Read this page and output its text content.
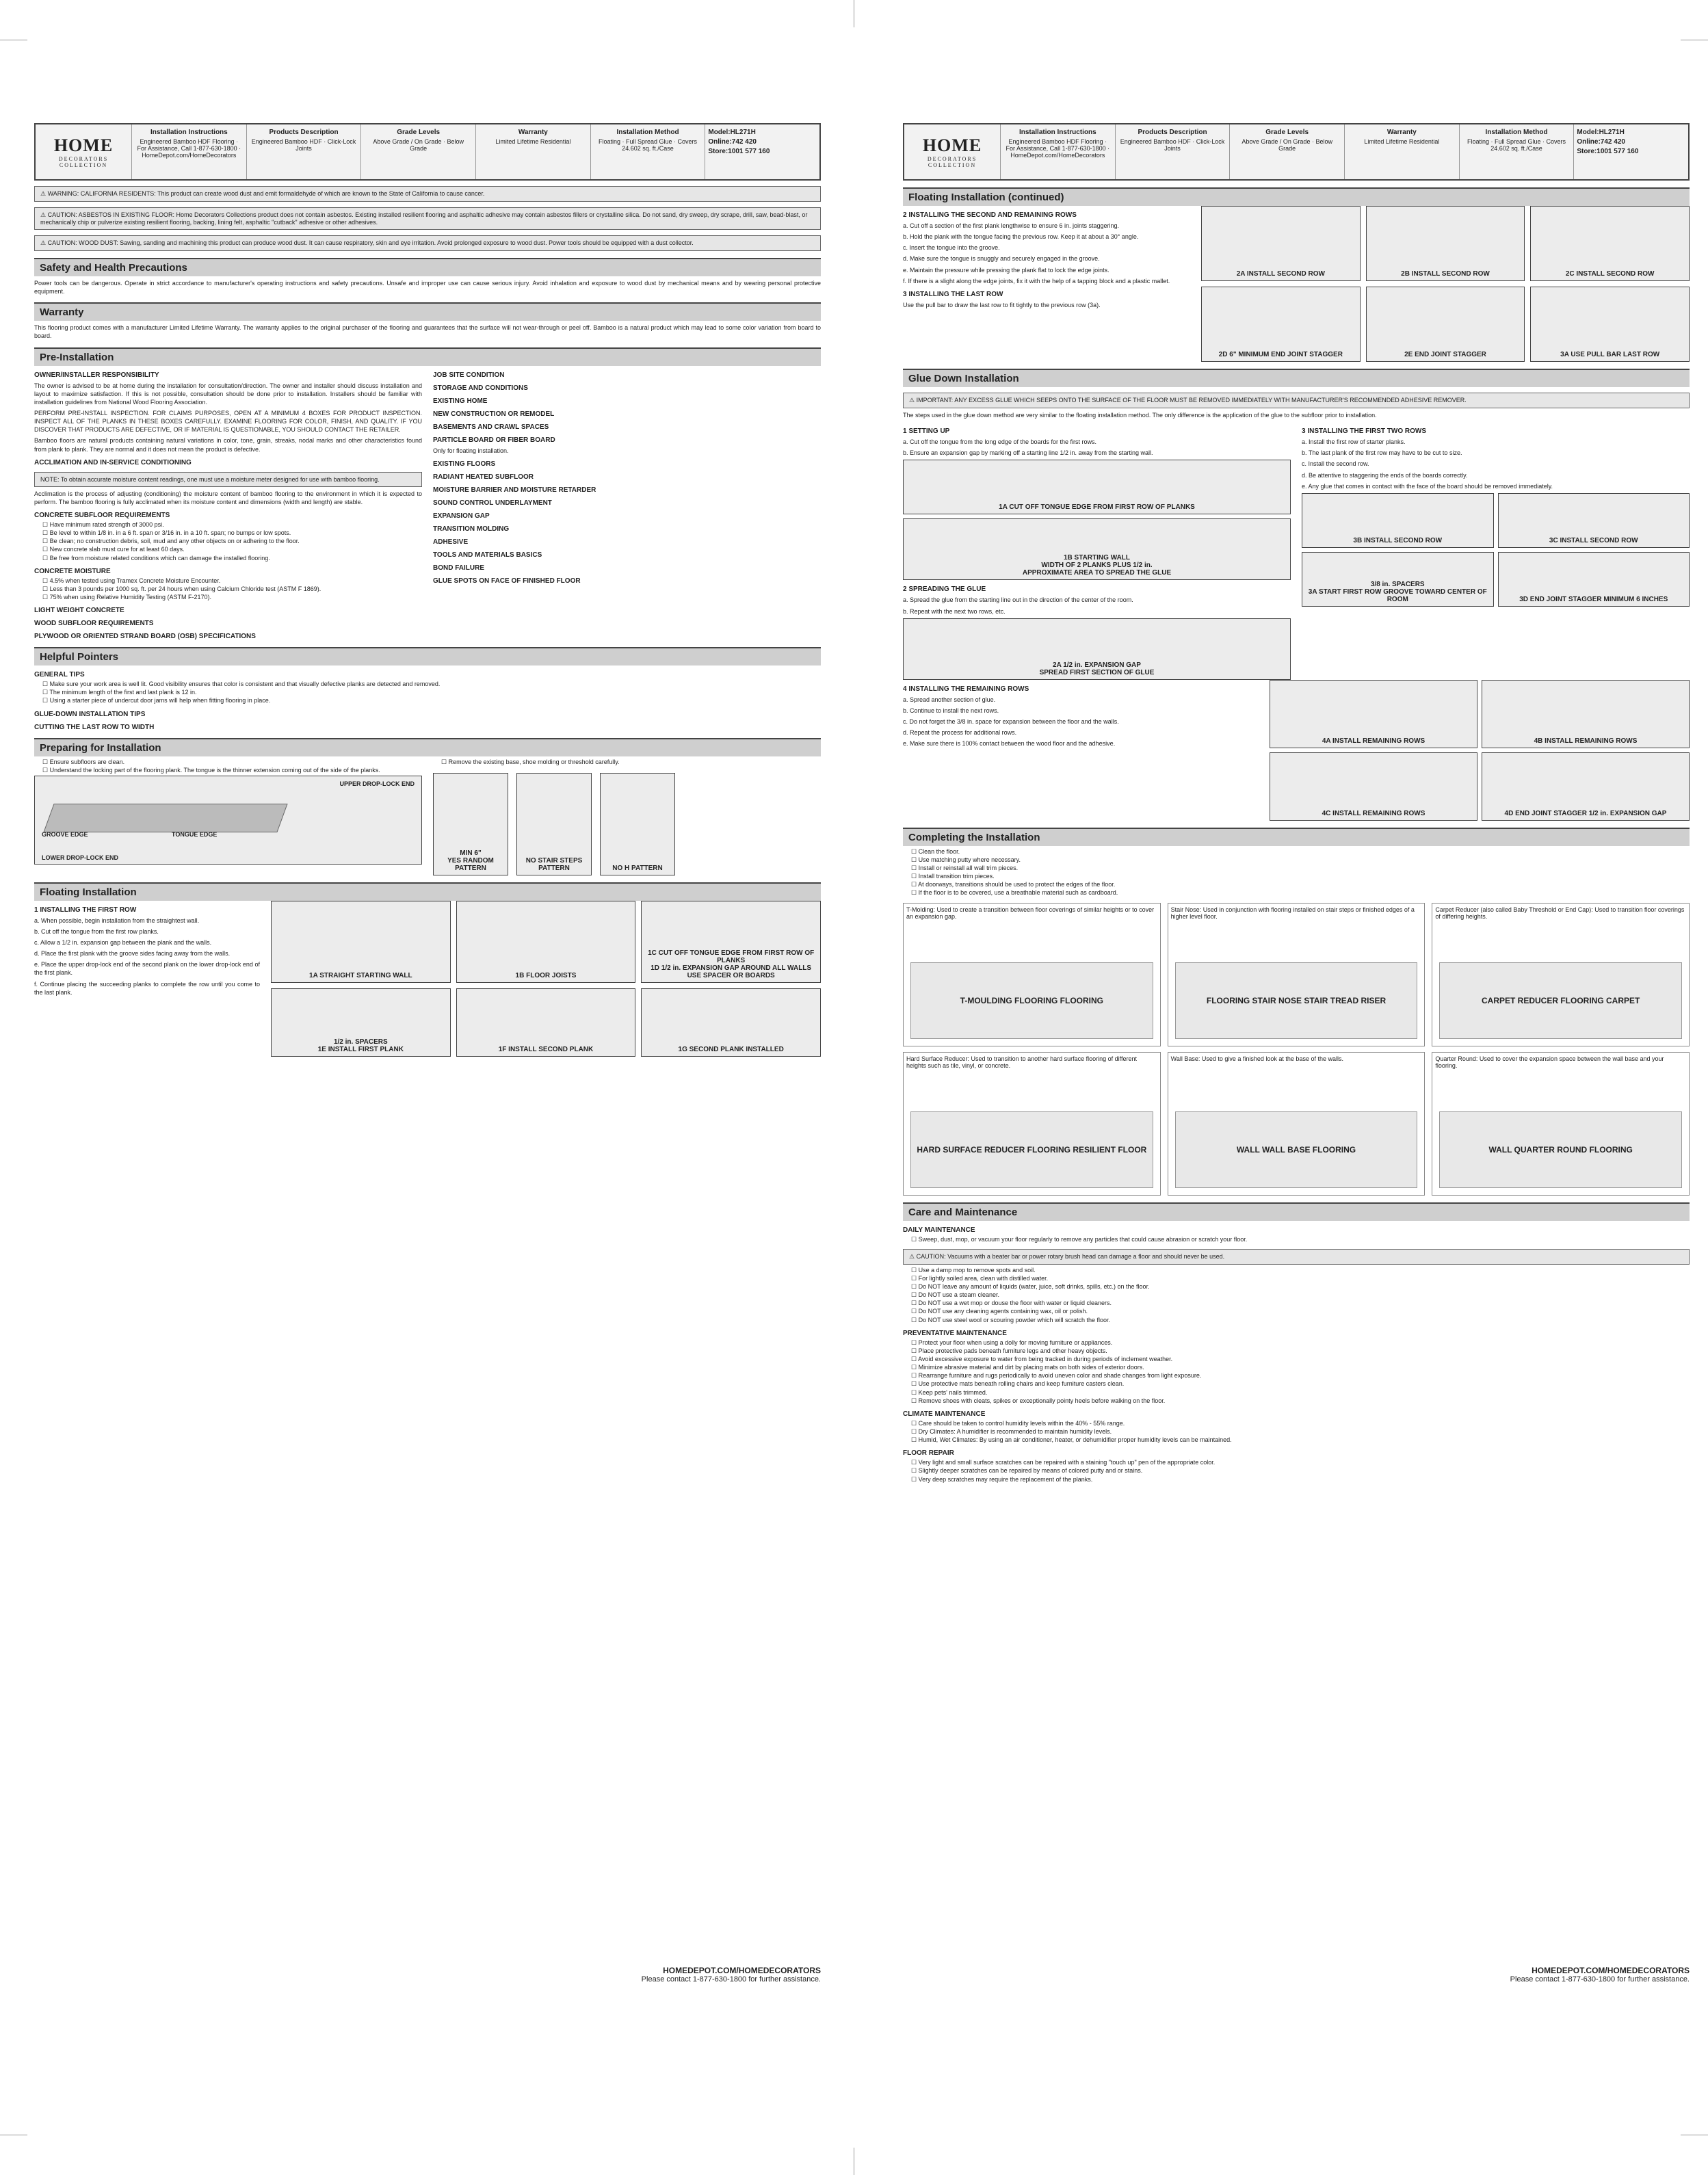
HOME
DECORATORS
COLLECTION
Installation Instructions
Engineered Bamboo HDF Flooring · For Assistance, Call 1-877-630-1800 · HomeDepot.com/HomeDecorators
Products Description
Engineered Bamboo HDF · Click-Lock Joints
Grade Levels
Above Grade / On Grade · Below Grade
Warranty
Limited Lifetime Residential
Installation Method
Floating · Full Spread Glue · Covers 24.602 sq. ft./Case
Model:HL271H
Online:742 420
Store:1001 577 160
⚠ WARNING: CALIFORNIA RESIDENTS: This product can create wood dust and emit formaldehyde of which are known to the State of California to cause cancer.
⚠ CAUTION: ASBESTOS IN EXISTING FLOOR: Home Decorators Collections product does not contain asbestos. Existing installed resilient flooring and asphaltic adhesive may contain asbestos fillers or crystalline silica. Do not sand, dry sweep, dry scrape, drill, saw, bead-blast, or mechanically chip or pulverize existing resilient flooring, backing, lining felt, asphaltic "cutback" adhesive or other adhesives.
⚠ CAUTION: WOOD DUST: Sawing, sanding and machining this product can produce wood dust. It can cause respiratory, skin and eye irritation. Avoid prolonged exposure to wood dust. Power tools should be equipped with a dust collector.
Safety and Health Precautions
Power tools can be dangerous. Operate in strict accordance to manufacturer's operating instructions and safety precautions. Unsafe and improper use can cause serious injury. Avoid inhalation and exposure to wood dust by mechanical means and by wearing personal protective equipment.
Warranty
This flooring product comes with a manufacturer Limited Lifetime Warranty. The warranty applies to the original purchaser of the flooring and guarantees that the surface will not wear-through or peel off. Bamboo is a natural product which may lead to some color variation from board to board.
Pre-Installation
OWNER/INSTALLER RESPONSIBILITY
The owner is advised to be at home during the installation for consultation/direction. The owner and installer should discuss installation and layout to maximize satisfaction. If this is not possible, consultation should be done prior to installation. Installers should be familiar with installation guidelines from National Wood Flooring Association.
PERFORM PRE-INSTALL INSPECTION. FOR CLAIMS PURPOSES, OPEN AT A MINIMUM 4 BOXES FOR PRODUCT INSPECTION. INSPECT ALL OF THE PLANKS IN THESE BOXES CAREFULLY. EXAMINE FLOORING FOR COLOR, FINISH, AND QUALITY. IF YOU DISCOVER THAT PRODUCTS ARE DEFECTIVE, OR IF MATERIAL IS QUESTIONABLE, YOU SHOULD CONTACT THE RETAILER.
Bamboo floors are natural products containing natural variations in color, tone, grain, streaks, nodal marks and other characteristics found from plank to plank. They are normal and it does not mean the product is defective.
ACCLIMATION AND IN-SERVICE CONDITIONING
NOTE: To obtain accurate moisture content readings, one must use a moisture meter designed for use with bamboo flooring.
Acclimation is the process of adjusting (conditioning) the moisture content of bamboo flooring to the environment in which it is expected to perform. The bamboo flooring is fully acclimated when its moisture content and dimensions (width and length) are stable.
CONCRETE SUBFLOOR REQUIREMENTS
☐ Have minimum rated strength of 3000 psi.
☐ Be level to within 1/8 in. in a 6 ft. span or 3/16 in. in a 10 ft. span; no bumps or low spots.
☐ Be clean; no construction debris, soil, mud and any other objects on or adhering to the floor.
☐ New concrete slab must cure for at least 60 days.
☐ Be free from moisture related conditions which can damage the installed flooring.
CONCRETE MOISTURE
☐ 4.5% when tested using Tramex Concrete Moisture Encounter.
☐ Less than 3 pounds per 1000 sq. ft. per 24 hours when using Calcium Chloride test (ASTM F 1869).
☐ 75% when using Relative Humidity Testing (ASTM F-2170).
LIGHT WEIGHT CONCRETE
WOOD SUBFLOOR REQUIREMENTS
PLYWOOD OR ORIENTED STRAND BOARD (OSB) SPECIFICATIONS
JOB SITE CONDITION
STORAGE AND CONDITIONS
EXISTING HOME
NEW CONSTRUCTION OR REMODEL
BASEMENTS AND CRAWL SPACES
PARTICLE BOARD OR FIBER BOARD
Only for floating installation.
EXISTING FLOORS
RADIANT HEATED SUBFLOOR
MOISTURE BARRIER AND MOISTURE RETARDER
SOUND CONTROL UNDERLAYMENT
EXPANSION GAP
TRANSITION MOLDING
ADHESIVE
TOOLS AND MATERIALS BASICS
BOND FAILURE
GLUE SPOTS ON FACE OF FINISHED FLOOR
Helpful Pointers
GENERAL TIPS
☐ Make sure your work area is well lit. Good visibility ensures that color is consistent and that visually defective planks are detected and removed.
☐ The minimum length of the first and last plank is 12 in.
☐ Using a starter piece of undercut door jams will help when fitting flooring in place.
GLUE-DOWN INSTALLATION TIPS
CUTTING THE LAST ROW TO WIDTH
Preparing for Installation
☐ Ensure subfloors are clean.
☐ Understand the locking part of the flooring plank. The tongue is the thinner extension coming out of the side of the planks.
UPPER DROP-LOCK END
GROOVE EDGE	TONGUE EDGE
LOWER DROP-LOCK END
☐ Remove the existing base, shoe molding or threshold carefully.
MIN 6"
YES RANDOM PATTERN
NO STAIR STEPS PATTERN	NO H PATTERN
Floating Installation
1 INSTALLING THE FIRST ROW
a. When possible, begin installation from the straightest wall.
b. Cut off the tongue from the first row planks.
c. Allow a 1/2 in. expansion gap between the plank and the walls.
d. Place the first plank with the groove sides facing away from the walls.
e. Place the upper drop-lock end of the second plank on the lower drop-lock end of the first plank.
f. Continue placing the succeeding planks to complete the row until you come to the last plank.
1A STRAIGHT STARTING WALL	1B FLOOR JOISTS
1C CUT OFF TONGUE EDGE FROM FIRST ROW OF PLANKS
1D 1/2 in. EXPANSION GAP AROUND ALL WALLS USE SPACER OR BOARDS
1/2 in. SPACERS
1E INSTALL FIRST PLANK	1F INSTALL SECOND PLANK	1G SECOND PLANK INSTALLED
HOMEDEPOT.COM/HOMEDECORATORS
Please contact 1-877-630-1800 for further assistance.
HOME
DECORATORS
COLLECTION
Installation Instructions
Engineered Bamboo HDF Flooring · For Assistance, Call 1-877-630-1800 · HomeDepot.com/HomeDecorators
Products Description
Engineered Bamboo HDF · Click-Lock Joints
Grade Levels
Above Grade / On Grade · Below Grade
Warranty
Limited Lifetime Residential
Installation Method
Floating · Full Spread Glue · Covers 24.602 sq. ft./Case
Model:HL271H
Online:742 420
Store:1001 577 160
Floating Installation (continued)
2 INSTALLING THE SECOND AND REMAINING ROWS
a. Cut off a section of the first plank lengthwise to ensure 6 in. joints staggering.
b. Hold the plank with the tongue facing the previous row. Keep it at about a 30° angle.
c. Insert the tongue into the groove.
d. Make sure the tongue is snuggly and securely engaged in the groove.
e. Maintain the pressure while pressing the plank flat to lock the edge joints.
f. If there is a slight along the edge joints, fix it with the help of a tapping block and a plastic mallet.
3 INSTALLING THE LAST ROW
Use the pull bar to draw the last row to fit tightly to the previous row (3a).
2A INSTALL SECOND ROW	2B INSTALL SECOND ROW	2C INSTALL SECOND ROW
2D 6" MINIMUM END JOINT STAGGER	2E END JOINT STAGGER	3A USE PULL BAR LAST ROW
Glue Down Installation
⚠ IMPORTANT: ANY EXCESS GLUE WHICH SEEPS ONTO THE SURFACE OF THE FLOOR MUST BE REMOVED IMMEDIATELY WITH MANUFACTURER'S RECOMMENDED ADHESIVE REMOVER.
The steps used in the glue down method are very similar to the floating installation method. The only difference is the application of the glue to the subfloor prior to installation.
1 SETTING UP
a. Cut off the tongue from the long edge of the boards for the first rows.
b. Ensure an expansion gap by marking off a starting line 1/2 in. away from the starting wall.
1A CUT OFF TONGUE EDGE FROM FIRST ROW OF PLANKS
1B STARTING WALL
WIDTH OF 2 PLANKS PLUS 1/2 in.
APPROXIMATE AREA TO SPREAD THE GLUE
2 SPREADING THE GLUE
a. Spread the glue from the starting line out in the direction of the center of the room.
b. Repeat with the next two rows, etc.
2A 1/2 in. EXPANSION GAP
SPREAD FIRST SECTION OF GLUE
3 INSTALLING THE FIRST TWO ROWS
a. Install the first row of starter planks.
b. The last plank of the first row may have to be cut to size.
c. Install the second row.
d. Be attentive to staggering the ends of the boards correctly.
e. Any glue that comes in contact with the face of the board should be removed immediately.
3B INSTALL SECOND ROW	3C INSTALL SECOND ROW
3/8 in. SPACERS
3A START FIRST ROW GROOVE TOWARD CENTER OF ROOM	3D END JOINT STAGGER MINIMUM 6 INCHES
4 INSTALLING THE REMAINING ROWS
a. Spread another section of glue.
b. Continue to install the next rows.
c. Do not forget the 3/8 in. space for expansion between the floor and the walls.
d. Repeat the process for additional rows.
e. Make sure there is 100% contact between the wood floor and the adhesive.	4A INSTALL REMAINING ROWS	4B INSTALL REMAINING ROWS
4C INSTALL REMAINING ROWS	4D END JOINT STAGGER 1/2 in. EXPANSION GAP
Completing the Installation
☐ Clean the floor.
☐ Use matching putty where necessary.
☐ Install or reinstall all wall trim pieces.
☐ Install transition trim pieces.
☐ At doorways, transitions should be used to protect the edges of the floor.
☐ If the floor is to be covered, use a breathable material such as cardboard.
T-Molding: Used to create a transition between floor coverings of similar heights or to cover an expansion gap.
T-MOULDING FLOORING FLOORING
Stair Nose: Used in conjunction with flooring installed on stair steps or finished edges of a higher level floor.
FLOORING STAIR NOSE STAIR TREAD RISER
Carpet Reducer (also called Baby Threshold or End Cap): Used to transition floor coverings of differing heights.
CARPET REDUCER FLOORING CARPET
Hard Surface Reducer: Used to transition to another hard surface flooring of different heights such as tile, vinyl, or concrete.
HARD SURFACE REDUCER FLOORING RESILIENT FLOOR
Wall Base: Used to give a finished look at the base of the walls.
WALL WALL BASE FLOORING
Quarter Round: Used to cover the expansion space between the wall base and your flooring.
WALL QUARTER ROUND FLOORING
Care and Maintenance
DAILY MAINTENANCE
☐ Sweep, dust, mop, or vacuum your floor regularly to remove any particles that could cause abrasion or scratch your floor.
⚠ CAUTION: Vacuums with a beater bar or power rotary brush head can damage a floor and should never be used.
☐ Use a damp mop to remove spots and soil.
☐ For lightly soiled area, clean with distilled water.
☐ Do NOT leave any amount of liquids (water, juice, soft drinks, spills, etc.) on the floor.
☐ Do NOT use a steam cleaner.
☐ Do NOT use a wet mop or douse the floor with water or liquid cleaners.
☐ Do NOT use any cleaning agents containing wax, oil or polish.
☐ Do NOT use steel wool or scouring powder which will scratch the floor.
PREVENTATIVE MAINTENANCE
☐ Protect your floor when using a dolly for moving furniture or appliances.
☐ Place protective pads beneath furniture legs and other heavy objects.
☐ Avoid excessive exposure to water from being tracked in during periods of inclement weather.
☐ Minimize abrasive material and dirt by placing mats on both sides of exterior doors.
☐ Rearrange furniture and rugs periodically to avoid uneven color and shade changes from light exposure.
☐ Use protective mats beneath rolling chairs and keep furniture casters clean.
☐ Keep pets' nails trimmed.
☐ Remove shoes with cleats, spikes or exceptionally pointy heels before walking on the floor.
CLIMATE MAINTENANCE
☐ Care should be taken to control humidity levels within the 40% - 55% range.
☐ Dry Climates: A humidifier is recommended to maintain humidity levels.
☐ Humid, Wet Climates: By using an air conditioner, heater, or dehumidifier proper humidity levels can be maintained.
FLOOR REPAIR
☐ Very light and small surface scratches can be repaired with a staining "touch up" pen of the appropriate color.
☐ Slightly deeper scratches can be repaired by means of colored putty and or stains.
☐ Very deep scratches may require the replacement of the planks.
HOMEDEPOT.COM/HOMEDECORATORS
Please contact 1-877-630-1800 for further assistance.
